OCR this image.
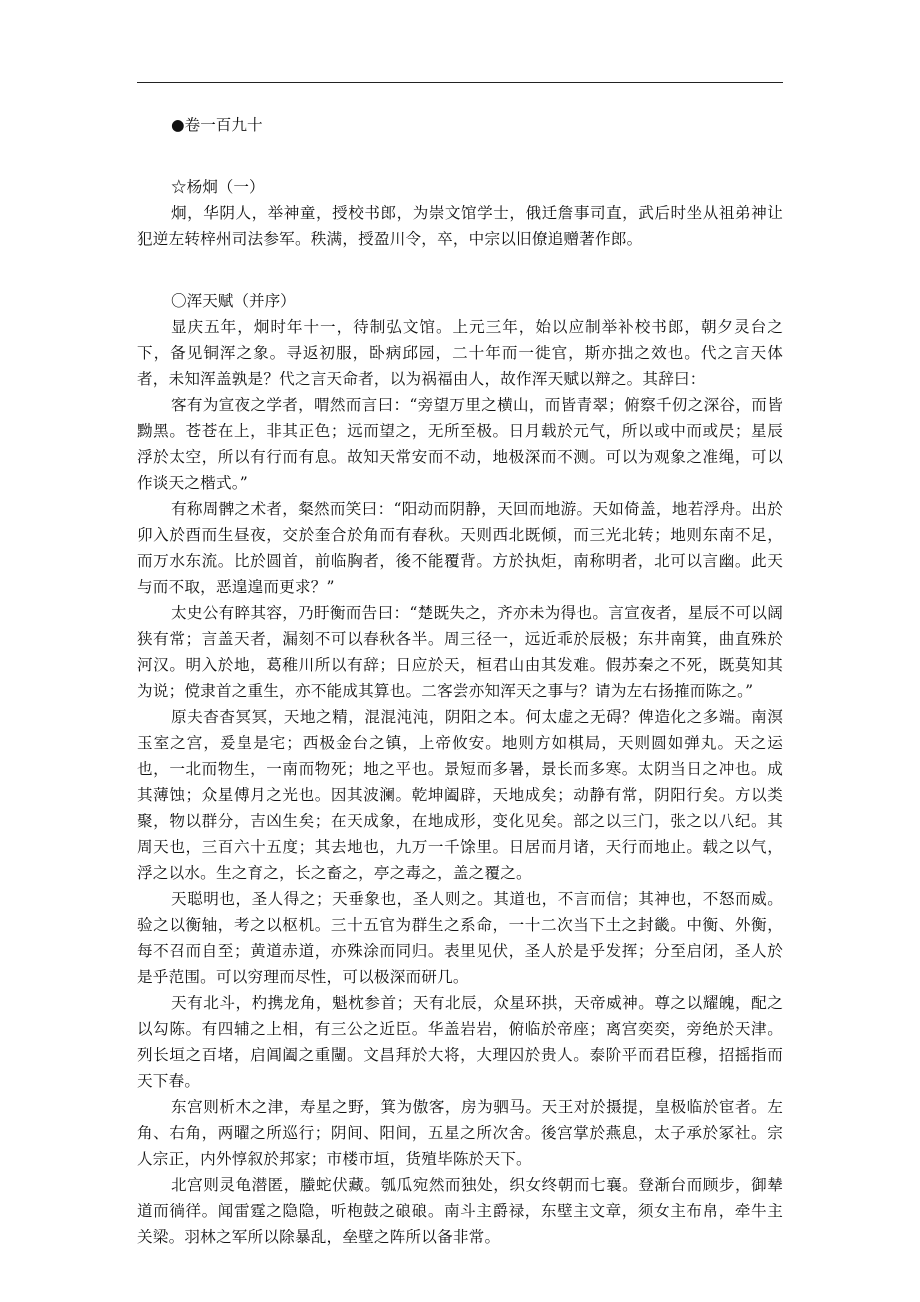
●卷一百九十

☆杨炯（一）

炯，华阴人，举神童，授校书郎，为崇文馆学士，俄迁詹事司直，武后时坐从祖弟神让犯逆左转梓州司法参军。秩满，授盈川令，卒，中宗以旧僚追赠著作郎。

〇浑天赋（并序）

显庆五年，炯时年十一，待制弘文馆。上元三年，始以应制举补校书郎，朝夕灵台之下，备见铜浑之象。寻返初服，卧病邱园，二十年而一徙官，斯亦拙之效也。代之言天体者，未知浑盖孰是？代之言天命者，以为祸福由人，故作浑天赋以辩之。其辞曰：

客有为宣夜之学者，喟然而言曰：“旁望万里之横山，而皆青翠；俯察千仞之深谷，而皆黝黑。苍苍在上，非其正色；远而望之，无所至极。日月载於元气，所以或中而或昃；星辰浮於太空，所以有行而有息。故知天常安而不动，地极深而不测。可以为观象之准绳，可以作谈天之楷式。”

有称周髀之术者，粲然而笑曰：“阳动而阴静，天回而地游。天如倚盖，地若浮舟。出於卯入於酉而生昼夜，交於奎合於角而有春秋。天则西北既倾，而三光北转；地则东南不足，而万水东流。比於圆首，前临胸者，後不能覆背。方於执炬，南称明者，北可以言幽。此天与而不取，恶遑遑而更求？”

太史公有睟其容，乃盱衡而告曰：“楚既失之，齐亦未为得也。言宣夜者，星辰不可以阔狭有常；言盖天者，漏刻不可以春秋各半。周三径一，远近乖於辰极；东井南箕，曲直殊於河汉。明入於地，葛稚川所以有辞；日应於天，桓君山由其发难。假苏秦之不死，既莫知其为说；傥隶首之重生，亦不能成其算也。二客尝亦知浑天之事与？请为左右扬搉而陈之。”

原夫杳杳冥冥，天地之精，混混沌沌，阴阳之本。何太虚之无碍？俾造化之多端。南溟玉室之宫，爰皇是宅；西极金台之镇，上帝攸安。地则方如棋局，天则圆如弹丸。天之运也，一北而物生，一南而物死；地之平也。景短而多暑，景长而多寒。太阴当日之冲也。成其薄蚀；众星傅月之光也。因其波澜。乾坤阖辟，天地成矣；动静有常，阴阳行矣。方以类聚，物以群分，吉凶生矣；在天成象，在地成形，变化见矣。部之以三门，张之以八纪。其周天也，三百六十五度；其去地也，九万一千馀里。日居而月诸，天行而地止。载之以气，浮之以水。生之育之，长之畜之，亭之毒之，盖之覆之。

天聪明也，圣人得之；天垂象也，圣人则之。其道也，不言而信；其神也，不怒而威。验之以衡轴，考之以枢机。三十五官为群生之系命，一十二次当下土之封畿。中衡、外衡，每不召而自至；黄道赤道，亦殊涂而同归。表里见伏，圣人於是乎发挥；分至启闭，圣人於是乎范围。可以穷理而尽性，可以极深而研几。

天有北斗，杓携龙角，魁枕参首；天有北辰，众星环拱，天帝威神。尊之以耀魄，配之以勾陈。有四辅之上相，有三公之近臣。华盖岩岩，俯临於帝座；离宫奕奕，旁绝於天津。列长垣之百堵，启阊阖之重闉。文昌拜於大将，大理囚於贵人。泰阶平而君臣穆，招摇指而天下春。

东宫则析木之津，寿星之野，箕为傲客，房为驷马。天王对於摄提，皇极临於宦者。左角、右角，两曜之所巡行；阴间、阳间，五星之所次舍。後宫掌於燕息，太子承於冢社。宗人宗正，内外惇叙於邦家；市楼市垣，货殖毕陈於天下。

北宫则灵龟潜匿，螣蛇伏藏。瓠瓜宛然而独处，织女终朝而七襄。登渐台而顾步，御辇道而徜徉。闻雷霆之隐隐，听枹鼓之硠硠。南斗主爵禄，东壁主文章，须女主布帛，牵牛主关梁。羽林之军所以除暴乱，垒壁之阵所以备非常。
